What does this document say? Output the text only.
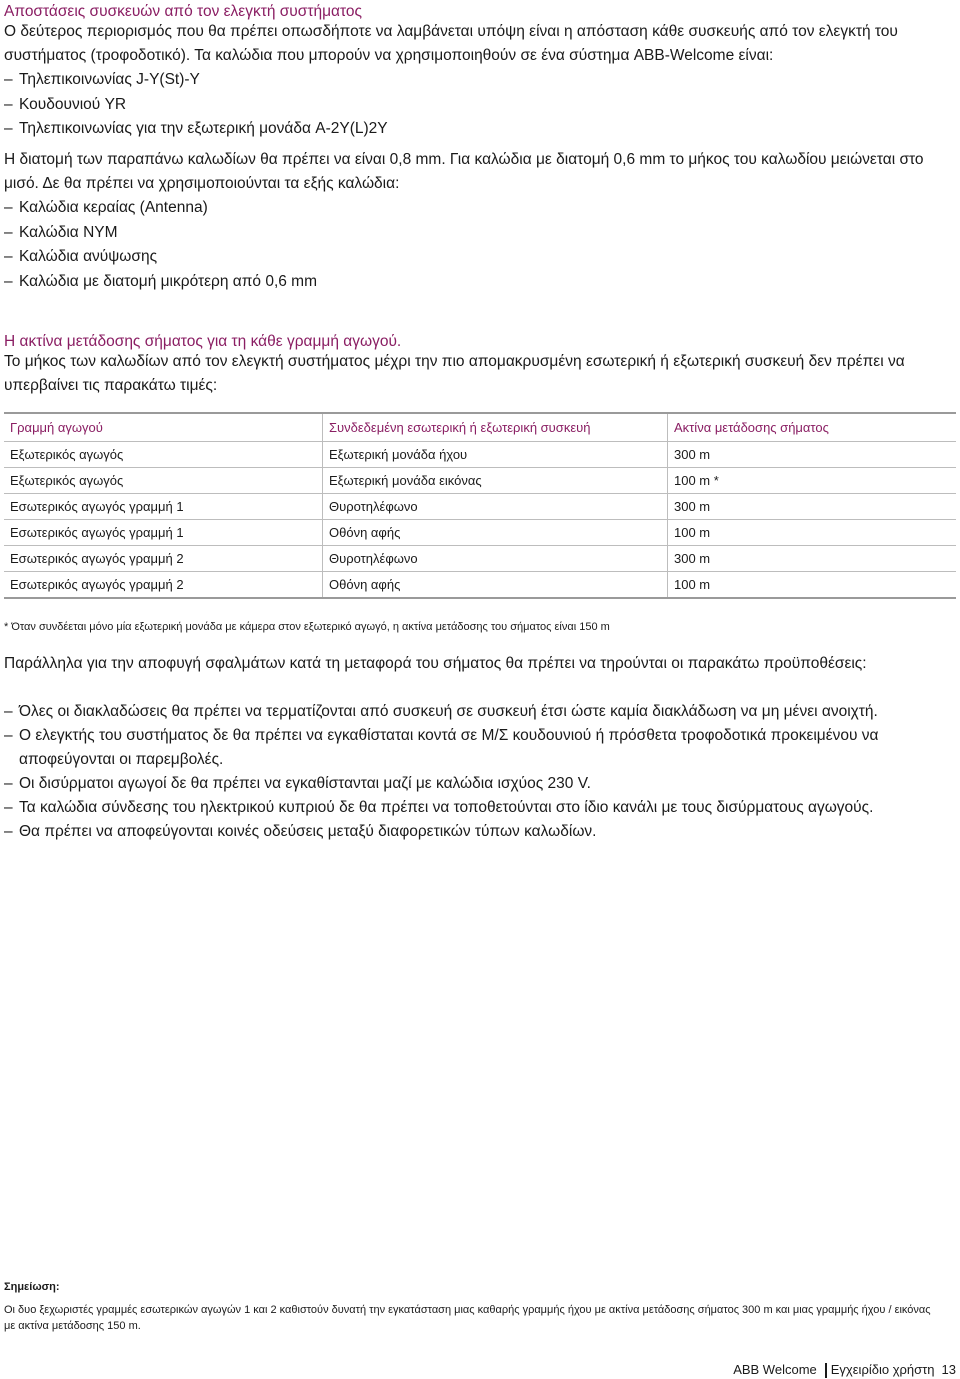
Αποστάσεις συσκευών από τον ελεγκτή συστήματος

Ο δεύτερος περιορισμός που θα πρέπει οπωσδήποτε να λαμβάνεται υπόψη είναι η απόσταση κάθε συσκευής από τον ελεγκτή του συστήματος (τροφοδοτικό). Τα καλώδια που μπορούν να χρησιμοποιηθούν σε ένα σύστημα ABB-Welcome είναι:

– Τηλεπικοινωνίας J-Y(St)-Y
– Κουδουνιού YR
– Τηλεπικοινωνίας για την εξωτερική μονάδα A-2Y(L)2Y

Η διατομή των παραπάνω καλωδίων θα πρέπει να είναι 0,8 mm. Για καλώδια με διατομή 0,6 mm το μήκος του καλωδίου μειώνεται στο μισό. Δε θα πρέπει να χρησιμοποιούνται τα εξής καλώδια:

– Καλώδια κεραίας (Antenna)
– Καλώδια NYM
– Καλώδια ανύψωσης
– Καλώδια με διατομή μικρότερη από 0,6 mm

Η ακτίνα μετάδοσης σήματος για τη κάθε γραμμή αγωγού.

Το μήκος των καλωδίων από τον ελεγκτή συστήματος μέχρι την πιο απομακρυσμένη εσωτερική ή εξωτερική συσκευή δεν πρέπει να υπερβαίνει τις παρακάτω τιμές:

Γραμμή αγωγού	Συνδεδεμένη εσωτερική ή εξωτερική συσκευή	Ακτίνα μετάδοσης σήματος
Εξωτερικός αγωγός	Εξωτερική μονάδα ήχου	300 m
Εξωτερικός αγωγός	Εξωτερική μονάδα εικόνας	100 m *
Εσωτερικός αγωγός γραμμή 1	Θυροτηλέφωνο	300 m
Εσωτερικός αγωγός γραμμή 1	Οθόνη αφής	100 m
Εσωτερικός αγωγός γραμμή 2	Θυροτηλέφωνο	300 m
Εσωτερικός αγωγός γραμμή 2	Οθόνη αφής	100 m

* Όταν συνδέεται μόνο μία εξωτερική μονάδα με κάμερα στον εξωτερικό αγωγό, η ακτίνα μετάδοσης του σήματος είναι 150 m

Παράλληλα για την αποφυγή σφαλμάτων κατά τη μεταφορά του σήματος θα πρέπει να τηρούνται οι παρακάτω προϋποθέσεις:

– Όλες οι διακλαδώσεις θα πρέπει να τερματίζονται από συσκευή σε συσκευή έτσι ώστε καμία διακλάδωση να μη μένει ανοιχτή.
– Ο ελεγκτής του συστήματος δε θα πρέπει να εγκαθίσταται κοντά σε Μ/Σ κουδουνιού ή πρόσθετα τροφοδοτικά προκειμένου να αποφεύγονται οι παρεμβολές.
– Οι δισύρματοι αγωγοί δε θα πρέπει να εγκαθίστανται μαζί με καλώδια ισχύος 230 V.
– Τα καλώδια σύνδεσης του ηλεκτρικού κυπριού δε θα πρέπει να τοποθετούνται στο ίδιο κανάλι με τους δισύρματους αγωγούς.
– Θα πρέπει να αποφεύγονται κοινές οδεύσεις μεταξύ διαφορετικών τύπων καλωδίων.

Σημείωση:

Οι δυο ξεχωριστές γραμμές εσωτερικών αγωγών 1 και 2 καθιστούν δυνατή την εγκατάσταση μιας καθαρής γραμμής ήχου με ακτίνα μετάδοσης σήματος 300 m και μιας γραμμής ήχου / εικόνας με ακτίνα μετάδοσης 150 m.

ABB Welcome Εγχειρίδιο χρήστη 13
